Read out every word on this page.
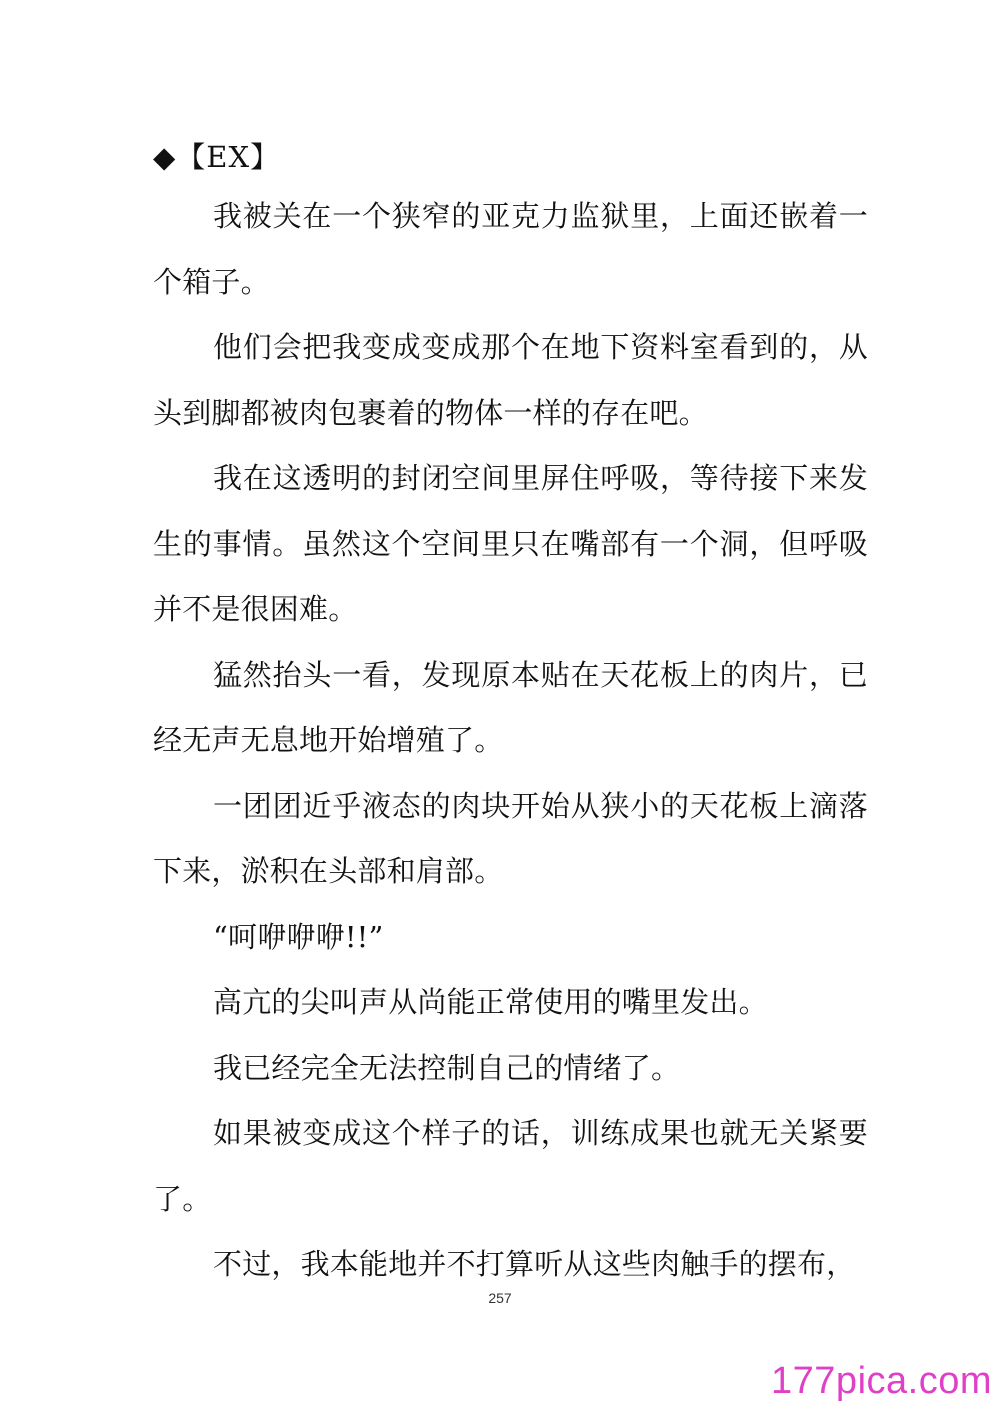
◆【EX】

我被关在一个狭窄的亚克力监狱里，上面还嵌着一个箱子。

他们会把我变成变成那个在地下资料室看到的，从头到脚都被肉包裹着的物体一样的存在吧。

我在这透明的封闭空间里屏住呼吸，等待接下来发生的事情。虽然这个空间里只在嘴部有一个洞，但呼吸并不是很困难。

猛然抬头一看，发现原本贴在天花板上的肉片，已经无声无息地开始增殖了。

一团团近乎液态的肉块开始从狭小的天花板上滴落下来，淤积在头部和肩部。

“呵咿咿咿!!”

高亢的尖叫声从尚能正常使用的嘴里发出。

我已经完全无法控制自己的情绪了。

如果被变成这个样子的话，训练成果也就无关紧要了。

不过，我本能地并不打算听从这些肉触手的摆布，

257
177pica.com
